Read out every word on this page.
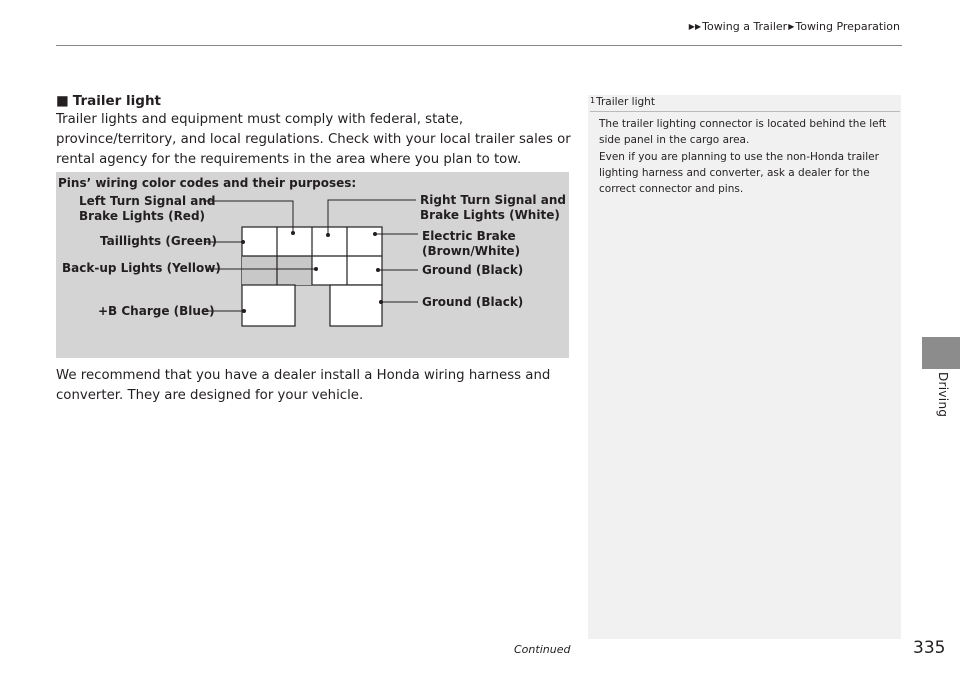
▶▶ Towing a Trailer ▶ Towing Preparation
Driving
■ Trailer light
Trailer lights and equipment must comply with federal, state, province/territory, and local regulations. Check with your local trailer sales or rental agency for the requirements in the area where you plan to tow.
Pins’ wiring color codes and their purposes:
Left Turn Signal and
Brake Lights (Red)
Right Turn Signal and
Brake Lights (White)
Taillights (Green)	Electric Brake
(Brown/White)
Back-up Lights (Yellow)	Ground (Black)
+B Charge (Blue)
Ground (Black)
We recommend that you have a dealer install a Honda wiring harness and converter. They are designed for your vehicle.
1Trailer light
The trailer lighting connector is located behind the left side panel in the cargo area.
Even if you are planning to use the non-Honda trailer lighting harness and converter, ask a dealer for the correct connector and pins.
Continued	335
